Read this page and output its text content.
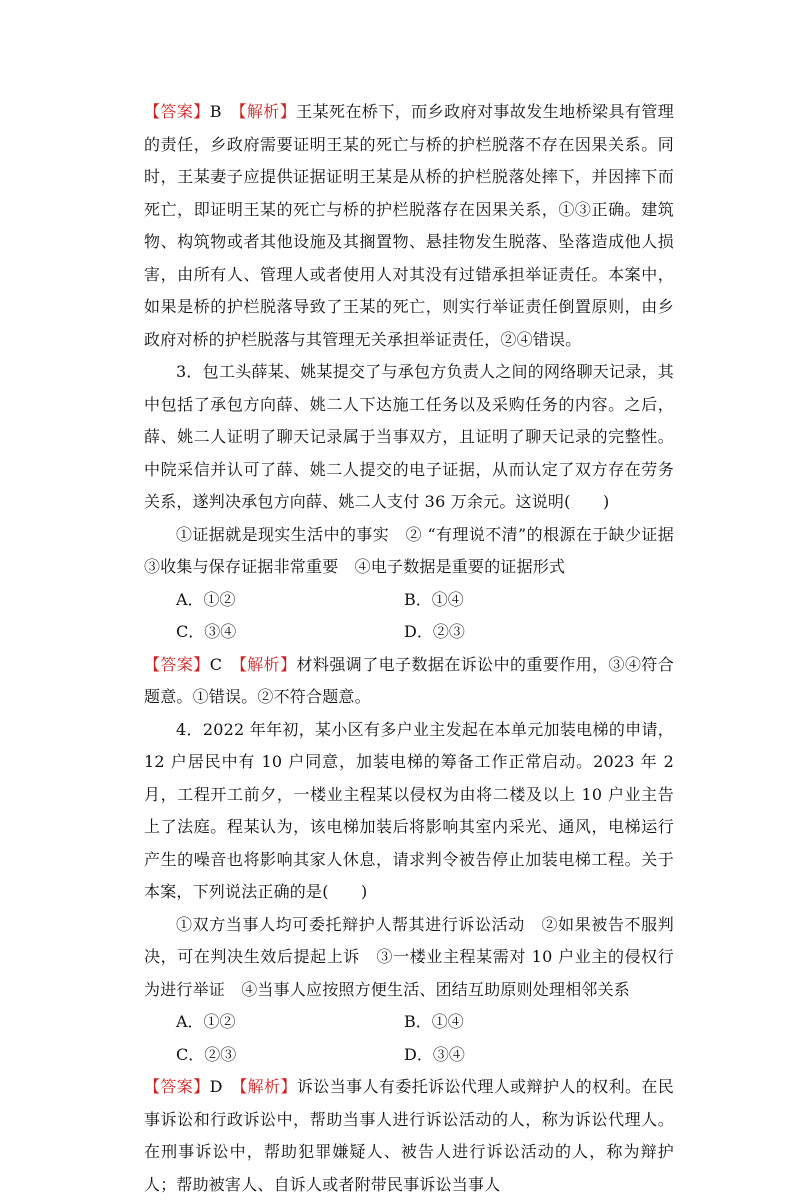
【答案】B　 【解析】王某死在桥下，而乡政府对事故发生地桥梁具有管理的责任，乡政府需要证明王某的死亡与桥的护栏脱落不存在因果关系。同时，王某妻子应提供证据证明王某是从桥的护栏脱落处摔下，并因摔下而死亡，即证明王某的死亡与桥的护栏脱落存在因果关系，①③正确。建筑物、构筑物或者其他设施及其搁置物、悬挂物发生脱落、坠落造成他人损害，由所有人、管理人或者使用人对其没有过错承担举证责任。本案中，如果是桥的护栏脱落导致了王某的死亡，则实行举证责任倒置原则，由乡政府对桥的护栏脱落与其管理无关承担举证责任，②④错误。

3．包工头薛某、姚某提交了与承包方负责人之间的网络聊天记录，其中包括了承包方向薛、姚二人下达施工任务以及采购任务的内容。之后，薛、姚二人证明了聊天记录属于当事双方，且证明了聊天记录的完整性。中院采信并认可了薛、姚二人提交的电子证据，从而认定了双方存在劳务关系，遂判决承包方向薛、姚二人支付 36 万余元。这说明(　　)

①证据就是现实生活中的事实　② “有理说不清”的根源在于缺少证据　③收集与保存证据非常重要　④电子数据是重要的证据形式

A．①②	B．①④
C．③④	D．②③

【答案】C　 【解析】材料强调了电子数据在诉讼中的重要作用，③④符合题意。①错误。②不符合题意。

4．2022 年年初，某小区有多户业主发起在本单元加装电梯的申请，12 户居民中有 10 户同意，加装电梯的筹备工作正常启动。2023 年 2 月，工程开工前夕，一楼业主程某以侵权为由将二楼及以上 10 户业主告上了法庭。程某认为，该电梯加装后将影响其室内采光、通风，电梯运行产生的噪音也将影响其家人休息，请求判令被告停止加装电梯工程。关于本案，下列说法正确的是(　　)

①双方当事人均可委托辩护人帮其进行诉讼活动　②如果被告不服判决，可在判决生效后提起上诉　③一楼业主程某需对 10 户业主的侵权行为进行举证　④当事人应按照方便生活、团结互助原则处理相邻关系

A．①②	B．①④
C．②③	D．③④

【答案】D　 【解析】诉讼当事人有委托诉讼代理人或辩护人的权利。在民事诉讼和行政诉讼中，帮助当事人进行诉讼活动的人，称为诉讼代理人。在刑事诉讼中，帮助犯罪嫌疑人、被告人进行诉讼活动的人，称为辩护人；帮助被害人、自诉人或者附带民事诉讼当事人
